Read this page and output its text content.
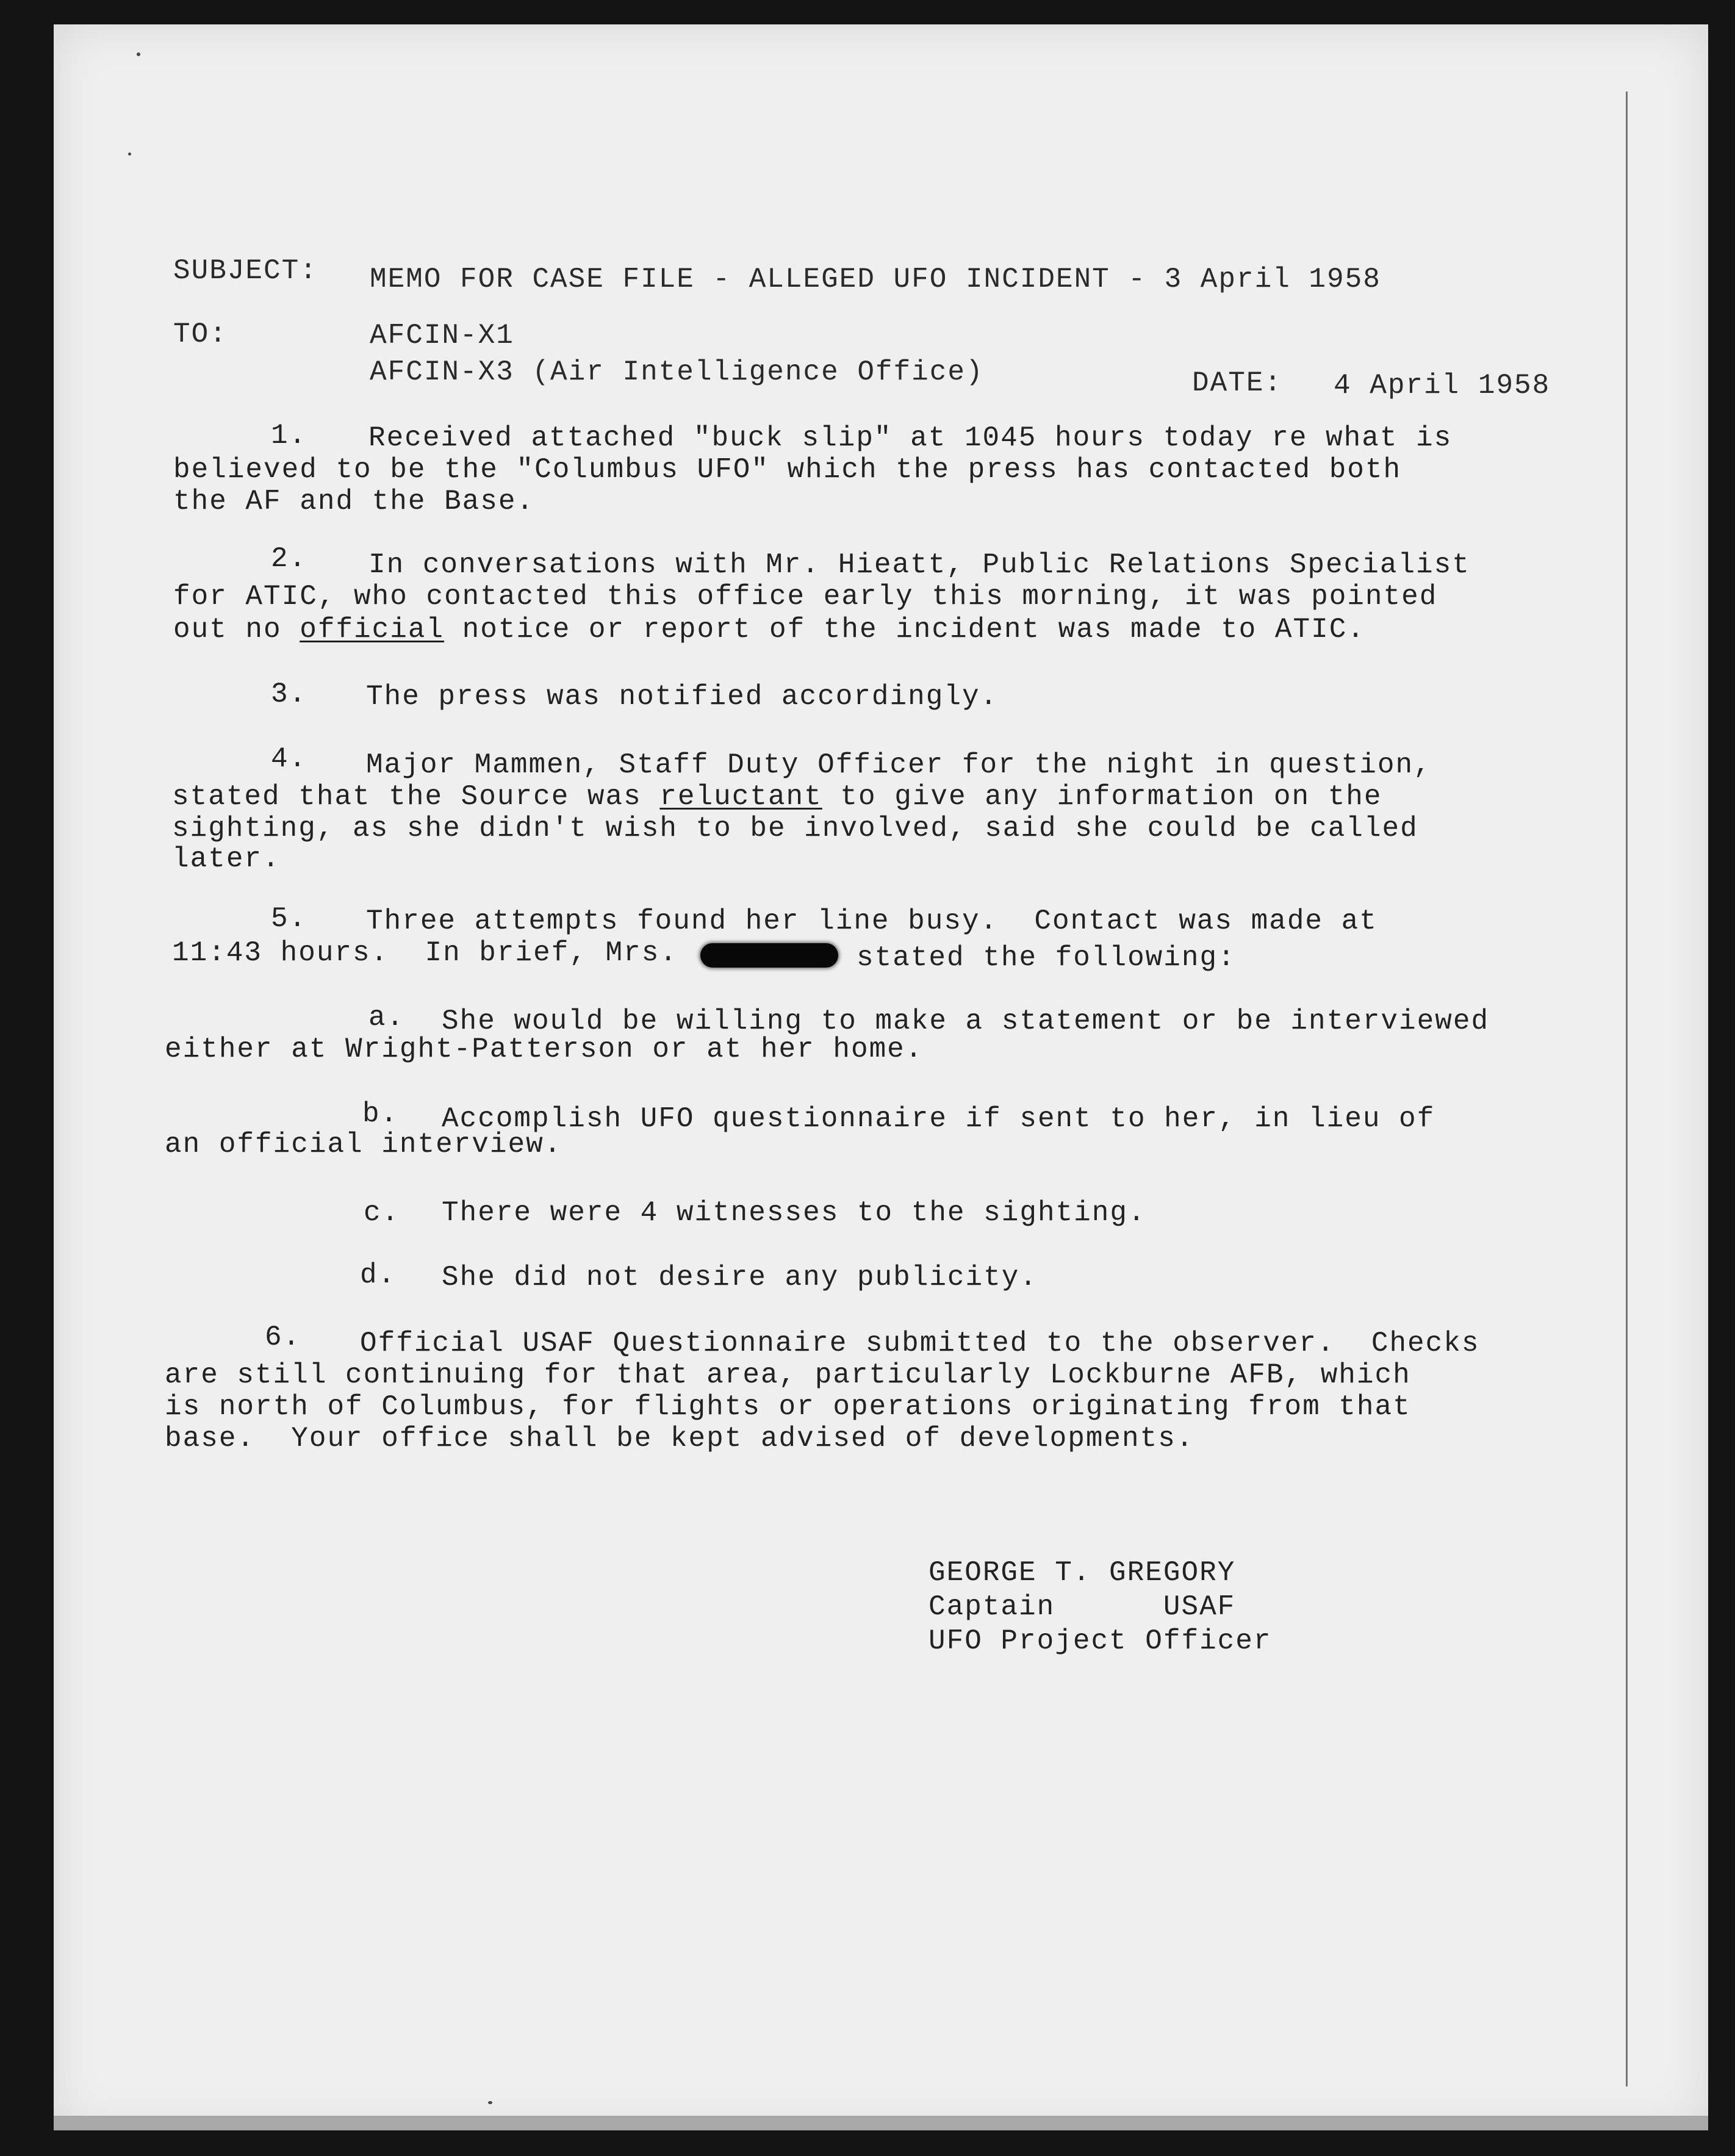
SUBJECT: MEMO FOR CASE FILE - ALLEGED UFO INCIDENT - 3 April 1958
TO:	AFCIN-X1
AFCIN-X3 (Air Intelligence Office)	DATE: 4 April 1958
1. Received attached "buck slip" at 1045 hours today re what is
believed to be the "Columbus UFO" which the press has contacted both
the AF and the Base.
2. In conversations with Mr. Hieatt, Public Relations Specialist
for ATIC, who contacted this office early this morning, it was pointed
out no official notice or report of the incident was made to ATIC.
3. The press was notified accordingly.
4. Major Mammen, Staff Duty Officer for the night in question,
stated that the Source was reluctant to give any information on the
sighting, as she didn't wish to be involved, said she could be called
later.
5. Three attempts found her line busy.  Contact was made at
11:43 hours.  In brief, Mrs.	stated the following:
a. She would be willing to make a statement or be interviewed
either at Wright-Patterson or at her home.
b. Accomplish UFO questionnaire if sent to her, in lieu of
an official interview.
c. There were 4 witnesses to the sighting.
d. She did not desire any publicity.
6. Official USAF Questionnaire submitted to the observer.  Checks
are still continuing for that area, particularly Lockburne AFB, which
is north of Columbus, for flights or operations originating from that
base.  Your office shall be kept advised of developments.
GEORGE T. GREGORY
Captain      USAF
UFO Project Officer
